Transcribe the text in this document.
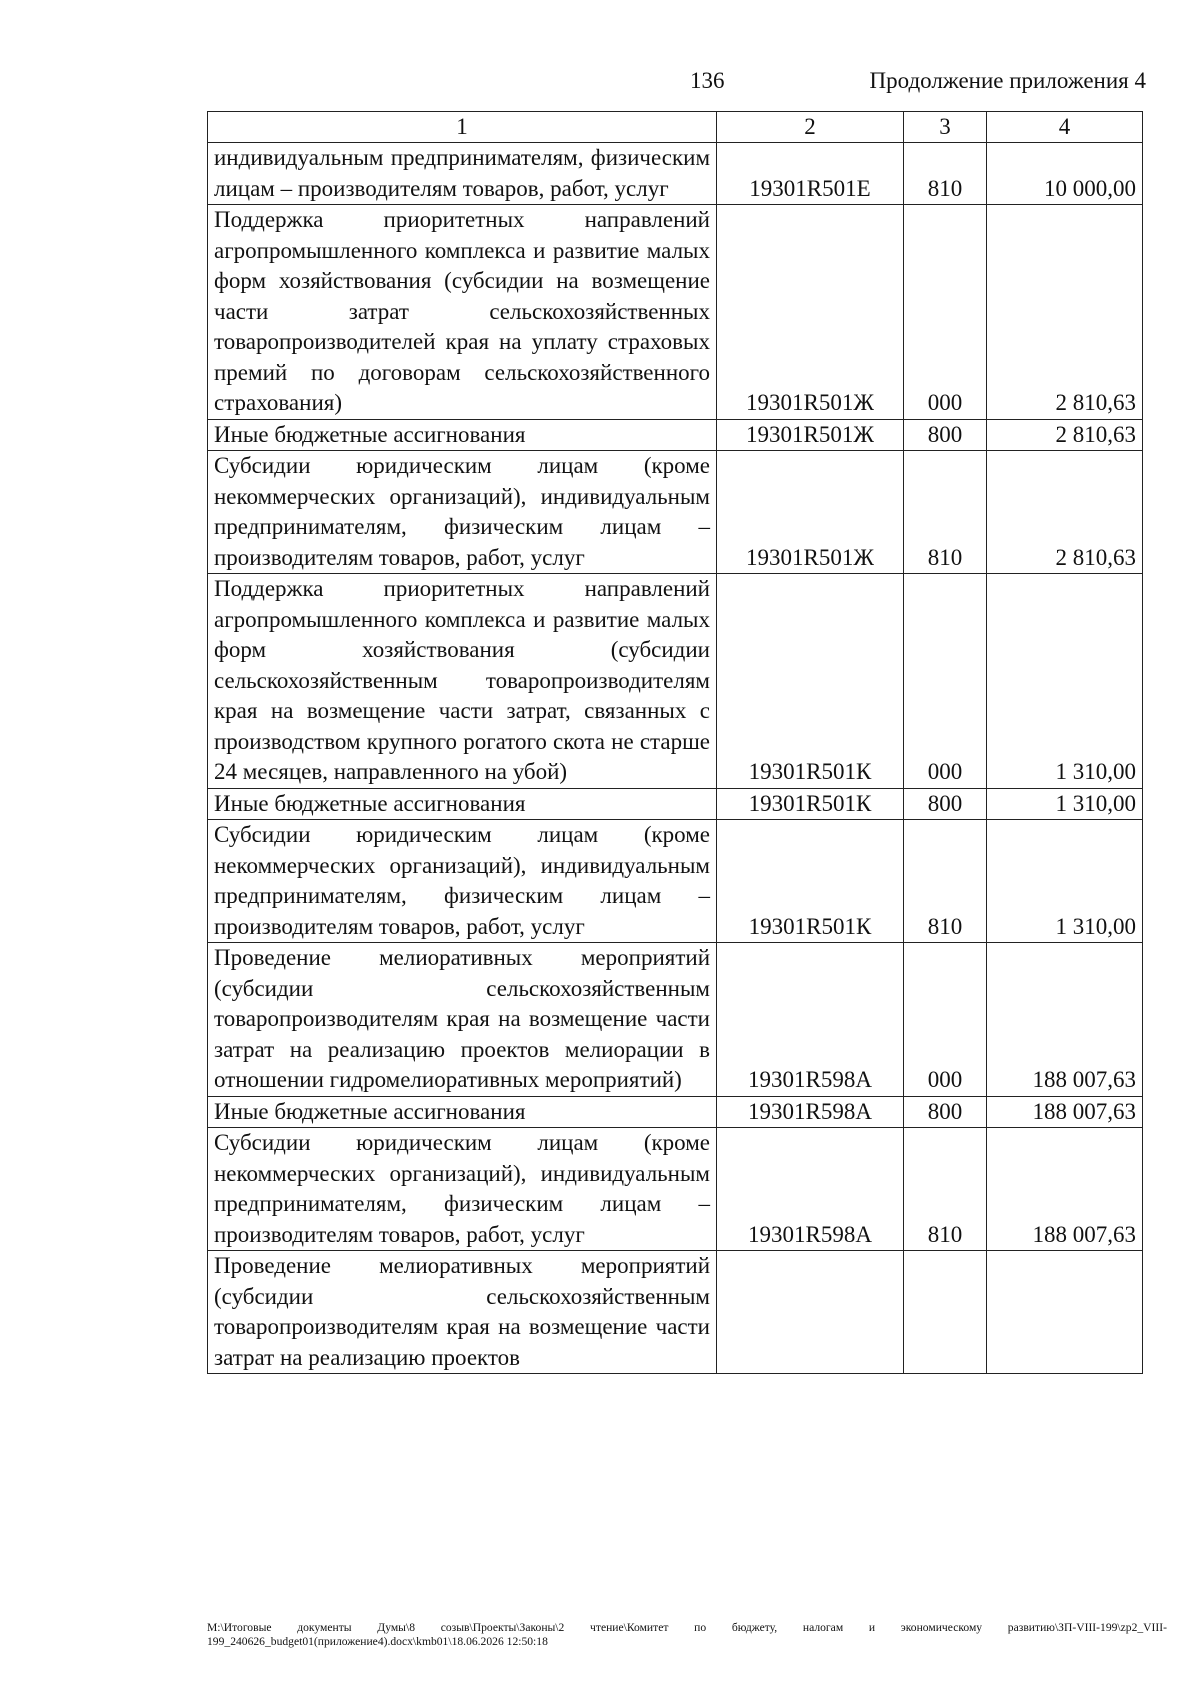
136	Продолжение приложения 4
1	2	3	4
индивидуальным предпринимателям, физическим лицам – производителям товаров, работ, услуг	19301R501Е	810	10 000,00
Поддержка приоритетных направлений агропромышленного комплекса и развитие малых форм хозяйствования (субсидии на возмещение части затрат сельскохозяйственных товаропроизводителей края на уплату страховых премий по договорам сельскохозяйственного страхования)	19301R501Ж	000	2 810,63
Иные бюджетные ассигнования	19301R501Ж	800	2 810,63
Субсидии юридическим лицам (кроме некоммерческих организаций), индивидуальным предпринимателям, физическим лицам – производителям товаров, работ, услуг	19301R501Ж	810	2 810,63
Поддержка приоритетных направлений агропромышленного комплекса и развитие малых форм хозяйствования (субсидии сельскохозяйственным товаропроизводителям края на возмещение части затрат, связанных с производством крупного рогатого скота не старше 24 месяцев, направленного на убой)	19301R501К	000	1 310,00
Иные бюджетные ассигнования	19301R501К	800	1 310,00
Субсидии юридическим лицам (кроме некоммерческих организаций), индивидуальным предпринимателям, физическим лицам – производителям товаров, работ, услуг	19301R501К	810	1 310,00
Проведение мелиоративных мероприятий (субсидии сельскохозяйственным товаропроизводителям края на возмещение части затрат на реализацию проектов мелиорации в отношении гидромелиоративных мероприятий)	19301R598А	000	188 007,63
Иные бюджетные ассигнования	19301R598А	800	188 007,63
Субсидии юридическим лицам (кроме некоммерческих организаций), индивидуальным предпринимателям, физическим лицам – производителям товаров, работ, услуг	19301R598А	810	188 007,63
Проведение мелиоративных мероприятий (субсидии сельскохозяйственным товаропроизводителям края на возмещение части затрат на реализацию проектов			
M:\Итоговые документы Думы\8 созыв\Проекты\Законы\2 чтение\Комитет по бюджету, налогам и экономическому развитию\ЗП-VIII-199\zp2_VIII-199_240626_budget01(приложение4).docx\kmb01\18.06.2026 12:50:18
